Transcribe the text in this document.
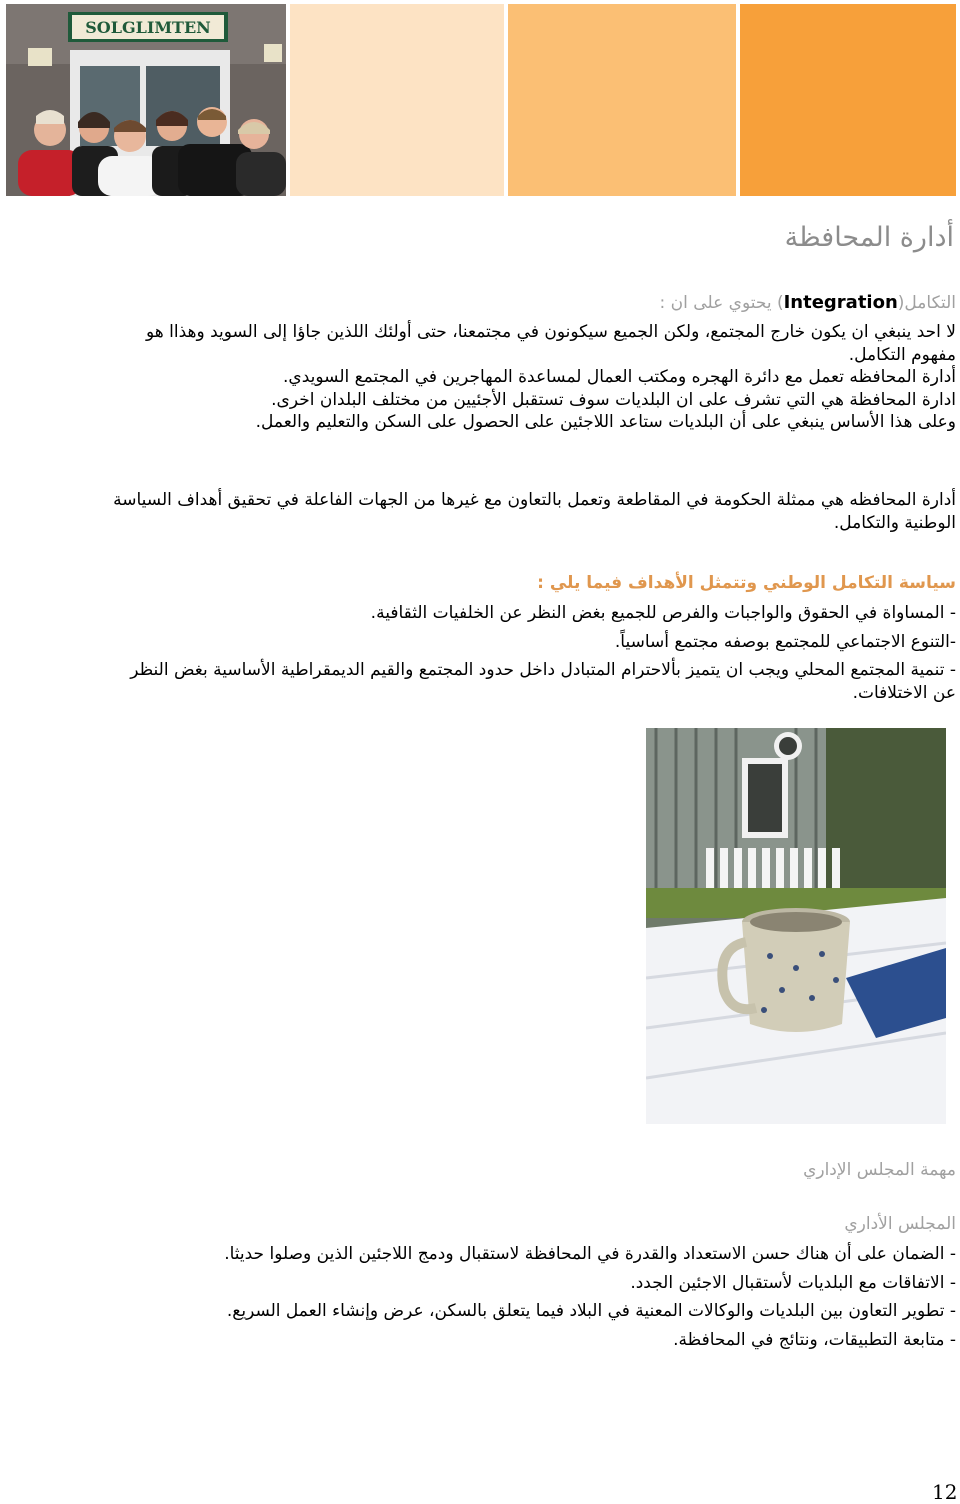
SOLGLIMTEN
أدارة المحافظة
التكامل(Integration) يحتوي على ان :
لا احد ينبغي ان يكون خارج المجتمع، ولكن الجميع سيكونون في مجتمعنا، حتى أولئك اللذين جاؤا إلى السويد وهذاا هو
مفهوم التكامل.
أدارة المحافظه تعمل مع دائرة الهجره ومكتب العمال لمساعدة المهاجرين في المجتمع السويدي.
ادارة المحافظة هي التي تشرف على ان البلديات سوف تستقبل الأجئيين من مختلف البلدان اخرى.
وعلى هذا الأساس ينبغي على أن البلديات ستاعد اللاجئين على الحصول على السكن والتعليم والعمل.
أدارة المحافظه هي ممثلة الحكومة في المقاطعة وتعمل بالتعاون مع غيرها من الجهات الفاعلة في تحقيق أهداف السياسة
الوطنية والتكامل.
سياسة التكامل الوطني وتتمثل الأهداف فيما يلي :
- المساواة في الحقوق والواجبات والفرص للجميع بغض النظر عن الخلفيات الثقافية.
-التنوع الاجتماعي للمجتمع بوصفه مجتمع أساسياً.
- تنمية المجتمع المحلي ويجب ان يتميز بألاحترام المتبادل داخل حدود المجتمع والقيم الديمقراطية الأساسية بغض النظر
عن الاختلافات.
مهمة المجلس الإداري
المجلس الأداري
- الضمان على أن هناك حسن الاستعداد والقدرة في المحافظة لاستقبال ودمج اللاجئين الذين وصلوا حديثا.
- الاتفاقات مع البلديات لأستقبال الاجئين الجدد.
- تطوير التعاون بين البلديات والوكالات المعنية في البلاد فيما يتعلق بالسكن، عرض وإنشاء العمل السريع.
- متابعة التطبيقات، ونتائج في المحافظة.
12
